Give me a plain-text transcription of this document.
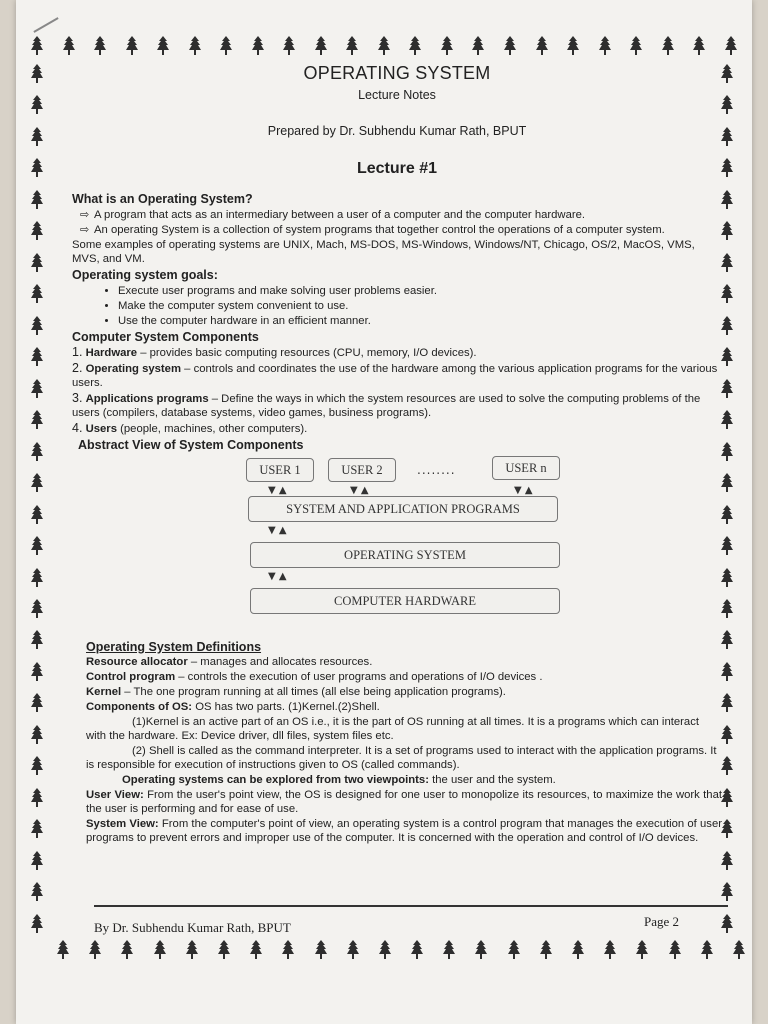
OPERATING SYSTEM
Lecture Notes
Prepared by Dr. Subhendu Kumar Rath, BPUT
Lecture #1
What is an Operating System?
⇨ A program that acts as an intermediary between a user of a computer and the computer hardware.
⇨ An operating System is a collection of system programs that together control the operations of a computer system.
Some examples of operating systems are UNIX, Mach, MS-DOS, MS-Windows, Windows/NT, Chicago, OS/2, MacOS, VMS, MVS, and VM.
Operating system goals:
• Execute user programs and make solving user problems easier.
• Make the computer system convenient to use.
• Use the computer hardware in an efficient manner.
Computer System Components
1. Hardware – provides basic computing resources (CPU, memory, I/O devices).
2. Operating system – controls and coordinates the use of the hardware among the various application programs for the various users.
3. Applications programs – Define the ways in which the system resources are used to solve the computing problems of the users (compilers, database systems, video games, business programs).
4. Users (people, machines, other computers).
Abstract View of System Components
USER 1	USER 2	........	USER n
▼ ▲	▼ ▲	▼ ▲
SYSTEM AND APPLICATION PROGRAMS
▼ ▲
OPERATING SYSTEM
▼ ▲
COMPUTER HARDWARE
Operating System Definitions
Resource allocator – manages and allocates resources.
Control program – controls the execution of user programs and operations of I/O devices .
Kernel – The one program running at all times (all else being application programs).
Components of OS: OS has two parts. (1)Kernel.(2)Shell.
(1)Kernel is an active part of an OS i.e., it is the part of OS running at all times. It is a programs which can interact with the hardware. Ex: Device driver, dll files, system files etc.
(2) Shell is called as the command interpreter. It is a set of programs used to interact with the application programs. It is responsible for execution of instructions given to OS (called commands).
Operating systems can be explored from two viewpoints: the user and the system.
User View: From the user's point view, the OS is designed for one user to monopolize its resources, to maximize the work that the user is performing and for ease of use.
System View: From the computer's point of view, an operating system is a control program that manages the execution of user programs to prevent errors and improper use of the computer. It is concerned with the operation and control of I/O devices.
By Dr. Subhendu Kumar Rath, BPUT	Page 2
